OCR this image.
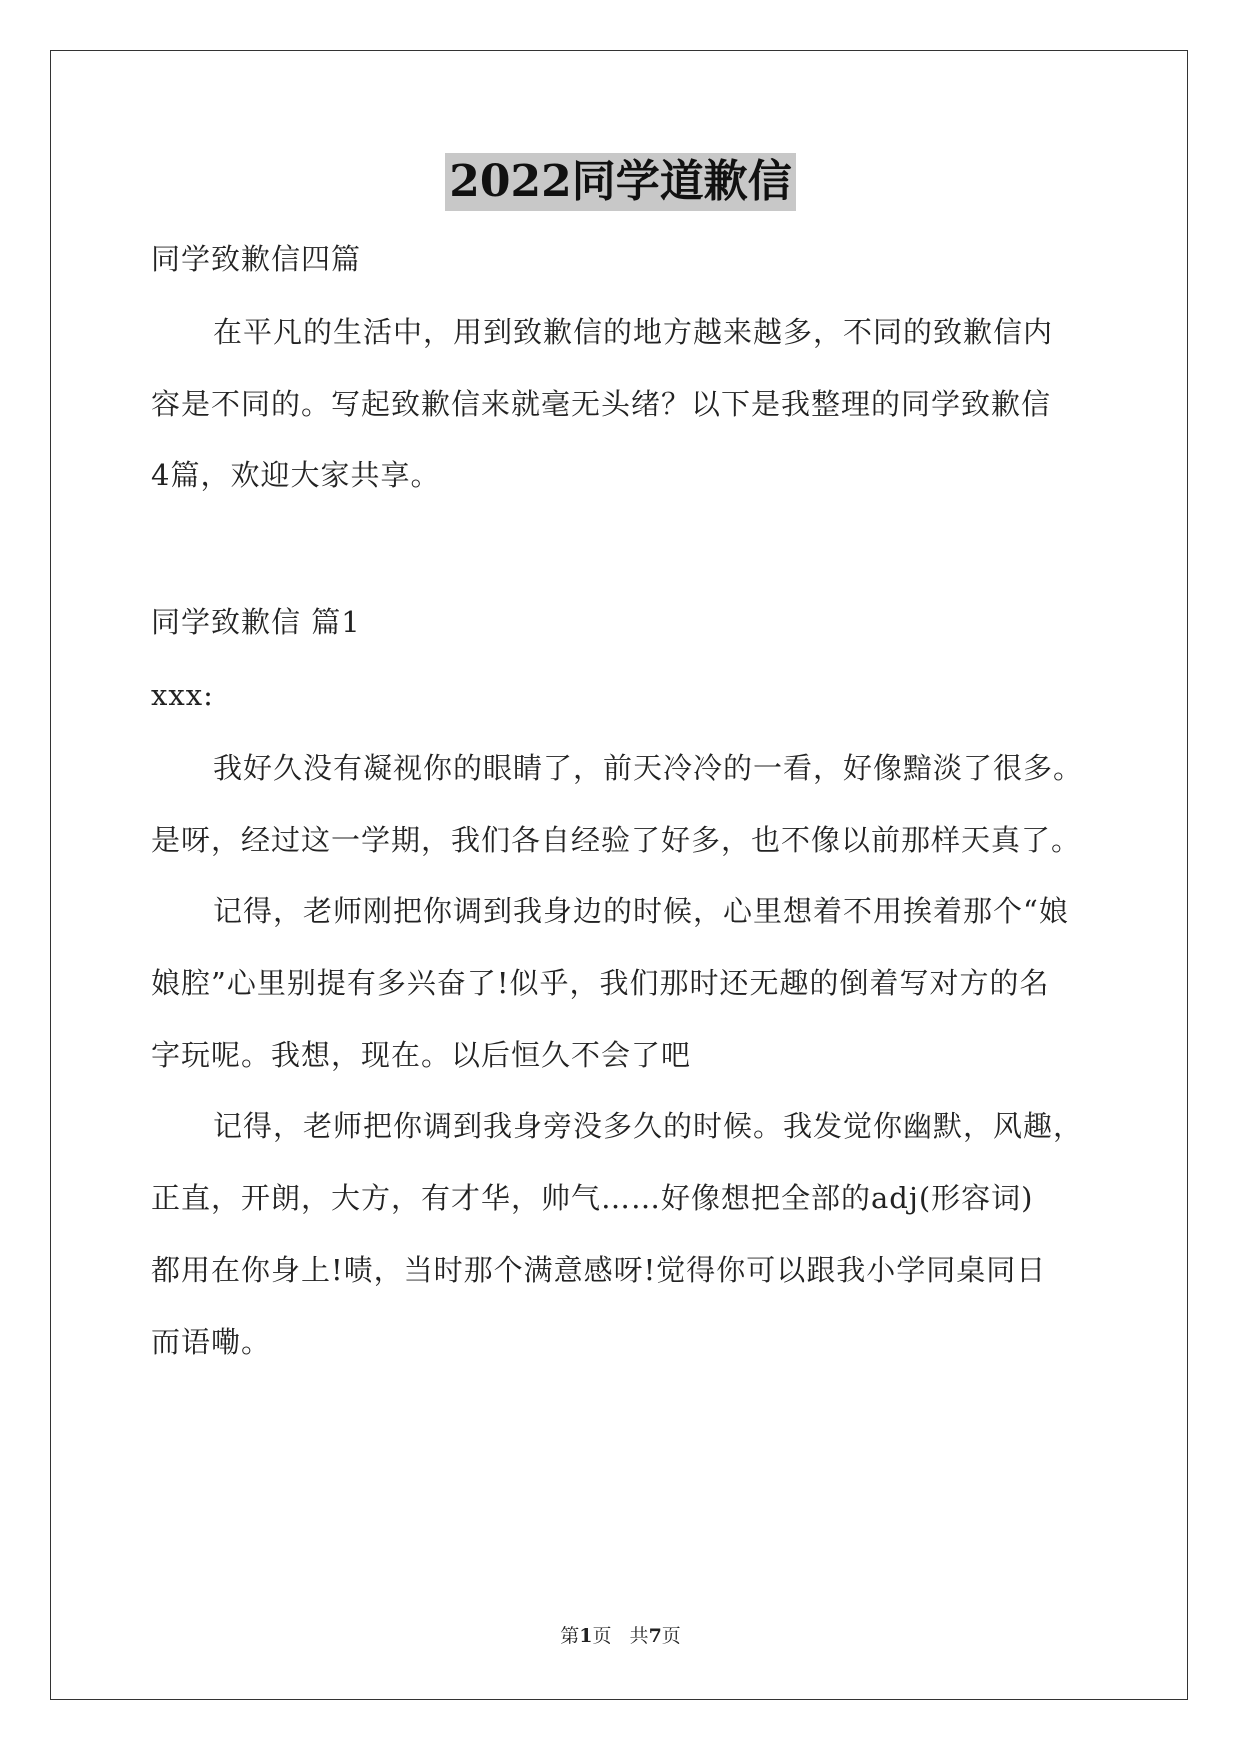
2022同学道歉信
同学致歉信四篇
在平凡的生活中，用到致歉信的地方越来越多，不同的致歉信内
容是不同的。写起致歉信来就毫无头绪？以下是我整理的同学致歉信
4篇，欢迎大家共享。
同学致歉信 篇1
xxx:
我好久没有凝视你的眼睛了，前天冷冷的一看，好像黯淡了很多。
是呀，经过这一学期，我们各自经验了好多，也不像以前那样天真了。
记得，老师刚把你调到我身边的时候，心里想着不用挨着那个“娘
娘腔”心里别提有多兴奋了!似乎，我们那时还无趣的倒着写对方的名
字玩呢。我想，现在。以后恒久不会了吧
记得，老师把你调到我身旁没多久的时候。我发觉你幽默，风趣，
正直，开朗，大方，有才华，帅气……好像想把全部的adj(形容词)
都用在你身上!啧，当时那个满意感呀!觉得你可以跟我小学同桌同日
而语嘞。
第1页   共7页
